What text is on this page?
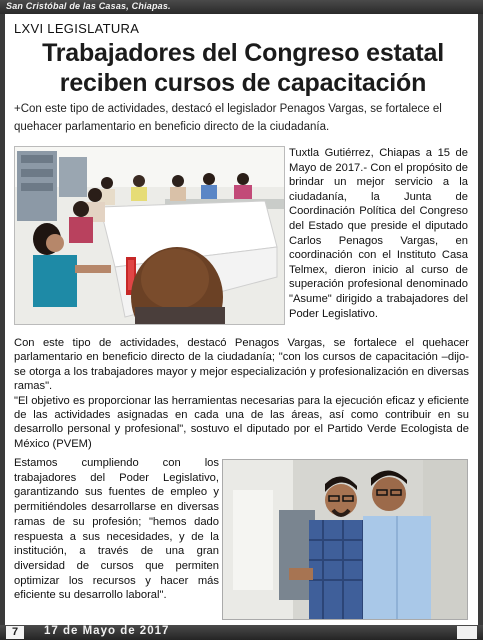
San Cristóbal de las Casas, Chiapas.
LXVI LEGISLATURA
Trabajadores del Congreso estatal
reciben cursos de capacitación

+Con este tipo de actividades, destacó el legislador Penagos Vargas, se fortalece el quehacer parlamentario en beneficio directo de la ciudadanía.

Tuxtla Gutiérrez, Chiapas a 15 de Mayo de 2017.- Con el propósito de brindar un mejor servicio a la ciudadanía, la Junta de Coordinación Política del Congreso del Estado que preside el diputado Carlos Penagos Vargas, en coordinación con el Instituto Casa Telmex, dieron inicio al curso de superación profesional denominado "Asume" dirigido a trabajadores del Poder Legislativo.

Con este tipo de actividades, destacó Penagos Vargas, se fortalece el quehacer parlamentario en beneficio directo de la ciudadanía; "con los cursos de capacitación –dijo- se otorga a los trabajadores mayor y mejor especialización y profesionalización en diversas ramas".

"El objetivo es proporcionar las herramientas necesarias para la ejecución eficaz y eficiente de las actividades asignadas en cada una de las áreas, así como contribuir en su desarrollo personal y profesional", sostuvo el diputado por el Partido Verde Ecologista de México (PVEM)

Estamos cumpliendo con los trabajadores del Poder Legislativo, garantizando sus fuentes de empleo y permitiéndoles desarrollarse en diversas ramas de su profesión; "hemos dado respuesta a sus necesidades, y de la institución, a través de una gran diversidad de cursos que permiten optimizar los recursos y hacer más eficiente su desarrollo laboral".
7	17 de Mayo de 2017
